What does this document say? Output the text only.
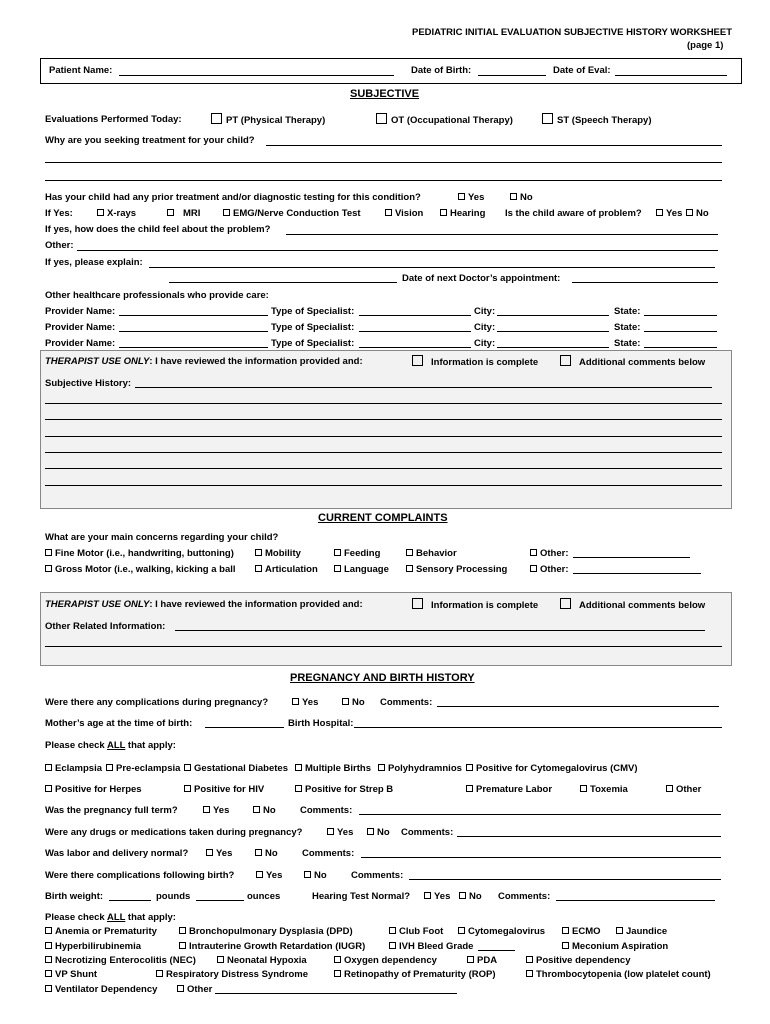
PEDIATRIC INITIAL EVALUATION SUBJECTIVE HISTORY WORKSHEET
(page 1)
Patient Name:	Date of Birth:	Date of Eval:
SUBJECTIVE
Evaluations Performed Today:	PT (Physical Therapy)	OT (Occupational Therapy)	ST (Speech Therapy)
Why are you seeking treatment for your child?
Has your child had any prior treatment and/or diagnostic testing for this condition?	Yes	No
If Yes:	X-rays	MRI	EMG/Nerve Conduction Test	Vision	Hearing Is the child aware of problem?	Yes	No
If yes, how does the child feel about the problem?
Other:
If yes, please explain:
Date of next Doctor’s appointment:
Other healthcare professionals who provide care:
Provider Name:	Type of Specialist:	City:	State:
Provider Name:	Type of Specialist:	City:	State:
Provider Name:	Type of Specialist:	City:	State:
THERAPIST USE ONLY: I have reviewed the information provided and:	Information is complete	Additional comments below
Subjective History:
CURRENT COMPLAINTS
What are your main concerns regarding your child?
Fine Motor (i.e., handwriting, buttoning)	Mobility	Feeding	Behavior	Other:
Gross Motor (i.e., walking, kicking a ball	Articulation	Language	Sensory Processing	Other:
THERAPIST USE ONLY: I have reviewed the information provided and:	Information is complete	Additional comments below
Other Related Information:
PREGNANCY AND BIRTH HISTORY
Were there any complications during pregnancy?	Yes	No Comments:
Mother’s age at the time of birth:	Birth Hospital:
Please check ALL that apply:
Eclampsia	Pre-eclampsia	Gestational Diabetes	Multiple Births	Polyhydramnios	Positive for Cytomegalovirus (CMV)
Positive for Herpes	Positive for HIV	Positive for Strep B	Premature Labor	Toxemia	Other
Was the pregnancy full term?	Yes	No	Comments:
Were any drugs or medications taken during pregnancy?	Yes	No Comments:
Was labor and delivery normal?	Yes	No	Comments:
Were there complications following birth?	Yes	No	Comments:
Birth weight:	pounds	ounces	Hearing Test Normal?	Yes	No Comments:
Please check ALL that apply:
Anemia or Prematurity	Bronchopulmonary Dysplasia (DPD)	Club Foot	Cytomegalovirus	ECMO	Jaundice
Hyperbilirubinemia	Intrauterine Growth Retardation (IUGR)	IVH Bleed Grade	Meconium Aspiration
Necrotizing Enterocolitis (NEC)	Neonatal Hypoxia	Oxygen dependency	PDA	Positive dependency
VP Shunt	Respiratory Distress Syndrome	Retinopathy of Prematurity (ROP)	Thrombocytopenia (low platelet count)
Ventilator Dependency	Other
